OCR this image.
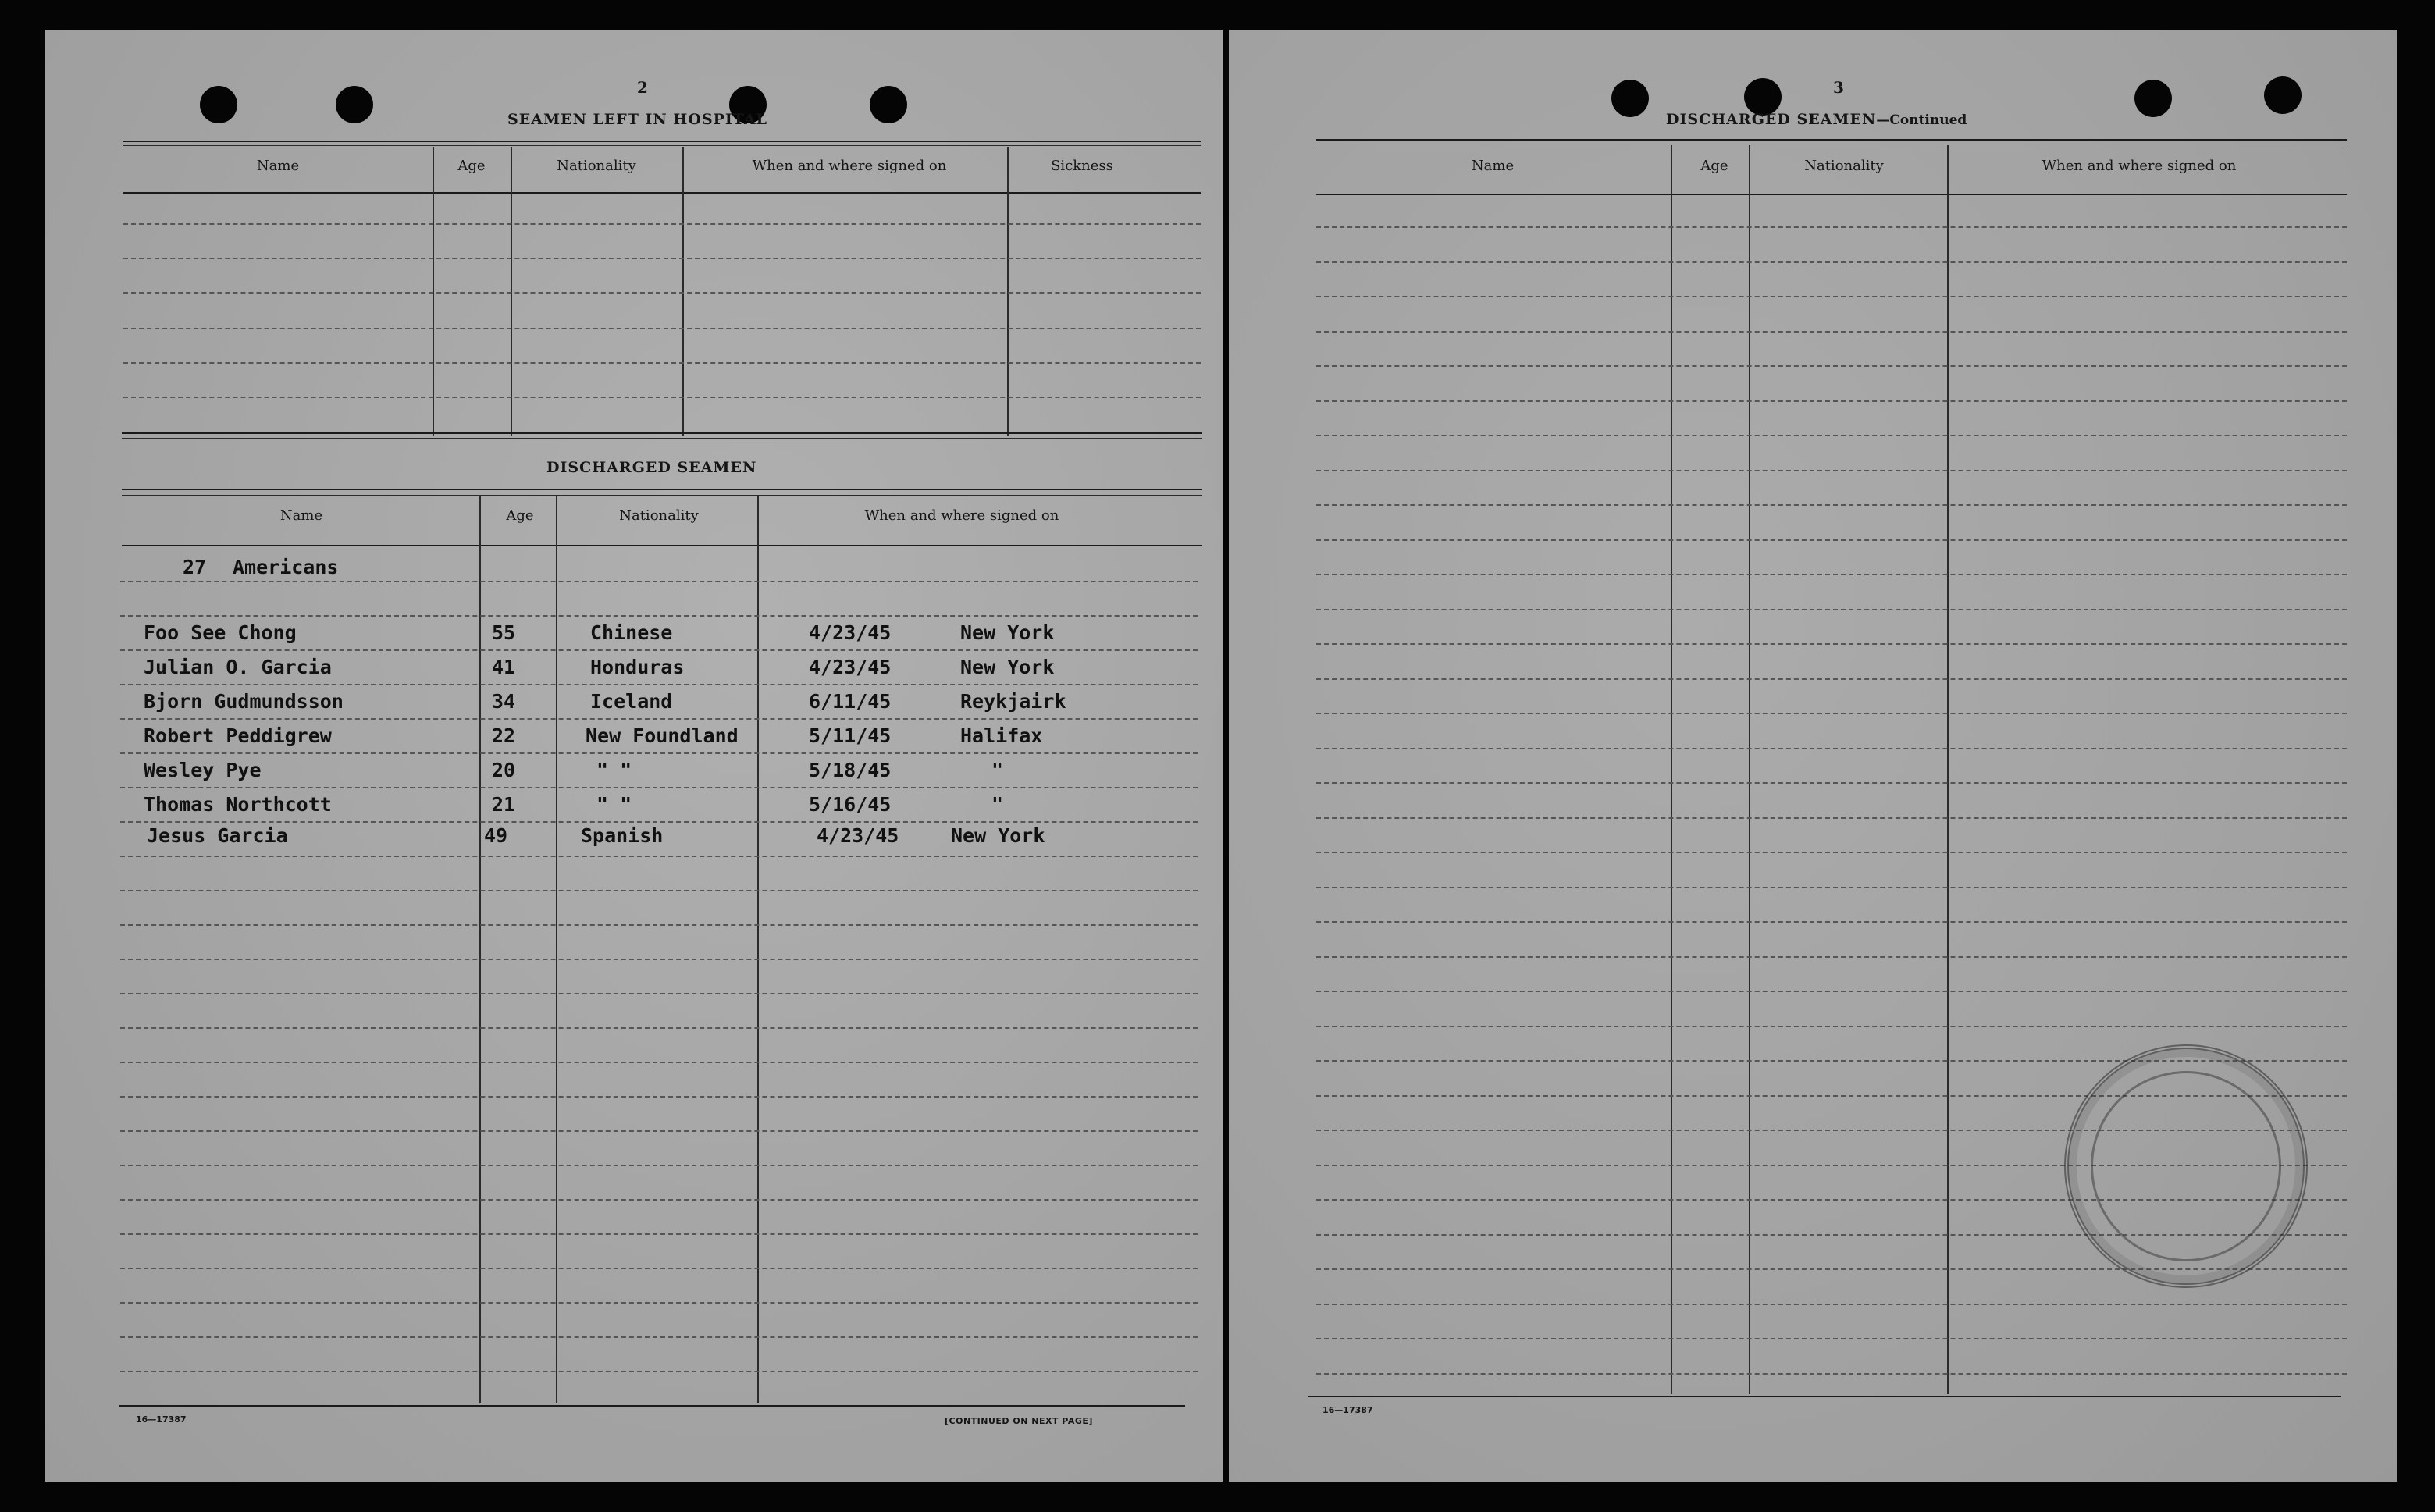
2
SEAMEN LEFT IN HOSPITAL
Name	Age	Nationality	When and where signed on	Sickness
DISCHARGED SEAMEN
Name	Age	Nationality	When and where signed on
27 Americans
Foo See Chong	55	Chinese	4/23/45	New York
Julian O. Garcia	41	Honduras	4/23/45	New York
Bjorn Gudmundsson	34	Iceland	6/11/45	Reykjairk
Robert Peddigrew	22	New Foundland	5/11/45	Halifax
Wesley Pye	20	" "	5/18/45	"
Thomas Northcott	21	" "	5/16/45	"
Jesus Garcia	49	Spanish	4/23/45	New York
16—17387	[CONTINUED ON NEXT PAGE]
3
DISCHARGED SEAMEN—Continued
Name	Age	Nationality	When and where signed on
16—17387
